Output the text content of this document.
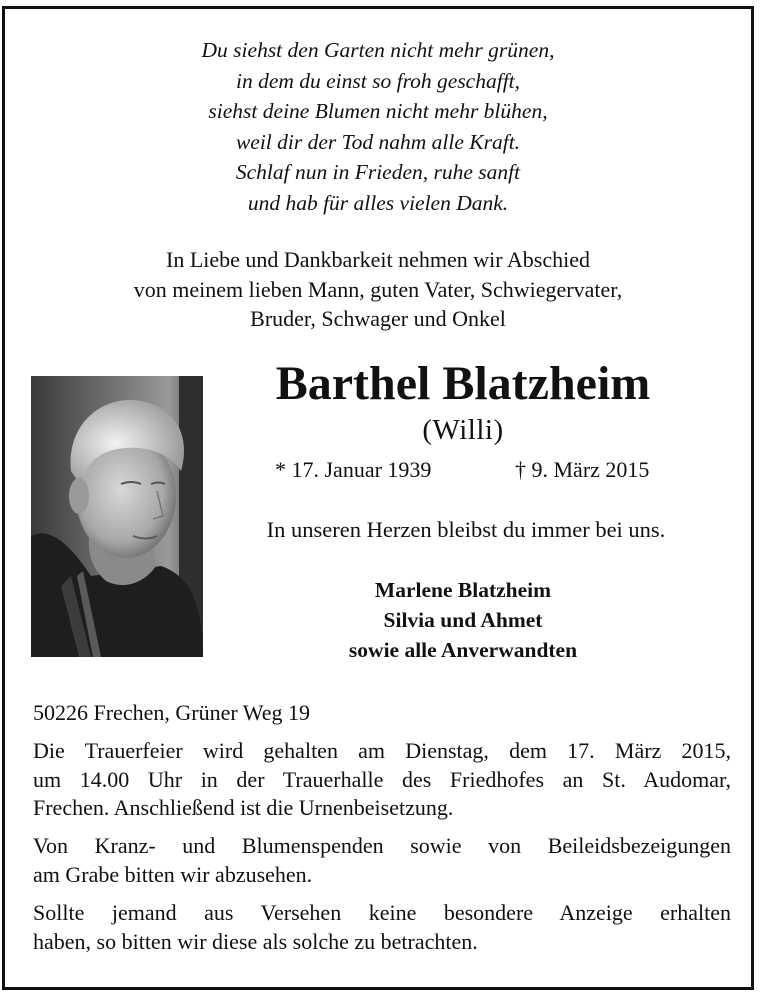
Du siehst den Garten nicht mehr grünen,
in dem du einst so froh geschafft,
siehst deine Blumen nicht mehr blühen,
weil dir der Tod nahm alle Kraft.
Schlaf nun in Frieden, ruhe sanft
und hab für alles vielen Dank.
In Liebe und Dankbarkeit nehmen wir Abschied
von meinem lieben Mann, guten Vater, Schwiegervater,
Bruder, Schwager und Onkel
Barthel Blatzheim
(Willi)
* 17. Januar 1939	† 9. März 2015
In unseren Herzen bleibst du immer bei uns.
Marlene Blatzheim
Silvia und Ahmet
sowie alle Anverwandten

50226 Frechen, Grüner Weg 19

Die Trauerfeier wird gehalten am Dienstag, dem 17. März 2015,
um 14.00 Uhr in der Trauerhalle des Friedhofes an St. Audomar,
Frechen. Anschließend ist die Urnenbeisetzung.

Von Kranz- und Blumenspenden sowie von Beileidsbezeigungen
am Grabe bitten wir abzusehen.

Sollte jemand aus Versehen keine besondere Anzeige erhalten
haben, so bitten wir diese als solche zu betrachten.
